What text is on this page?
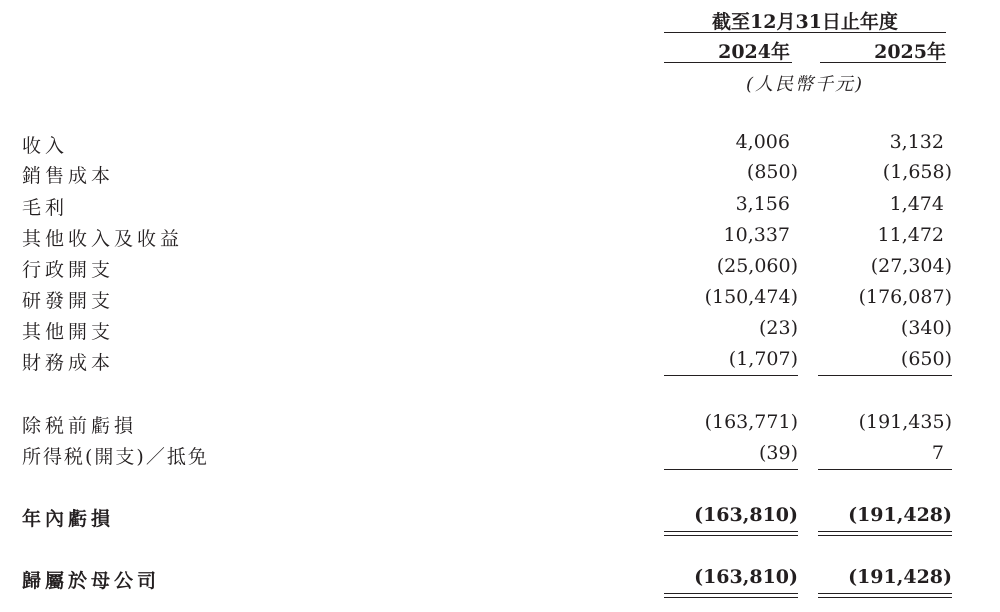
截至12月31日止年度
2024年	2025年
(人民幣千元)
收入	4,006	3,132
銷售成本	(850)	(1,658)
毛利	3,156	1,474
其他收入及收益	10,337	11,472
行政開支	(25,060)	(27,304)
研發開支	(150,474)	(176,087)
其他開支	(23)	(340)
財務成本	(1,707)	(650)
除税前虧損	(163,771)	(191,435)
所得税(開支)／抵免	(39)	7
年內虧損	(163,810)	(191,428)
歸屬於母公司	(163,810)	(191,428)
